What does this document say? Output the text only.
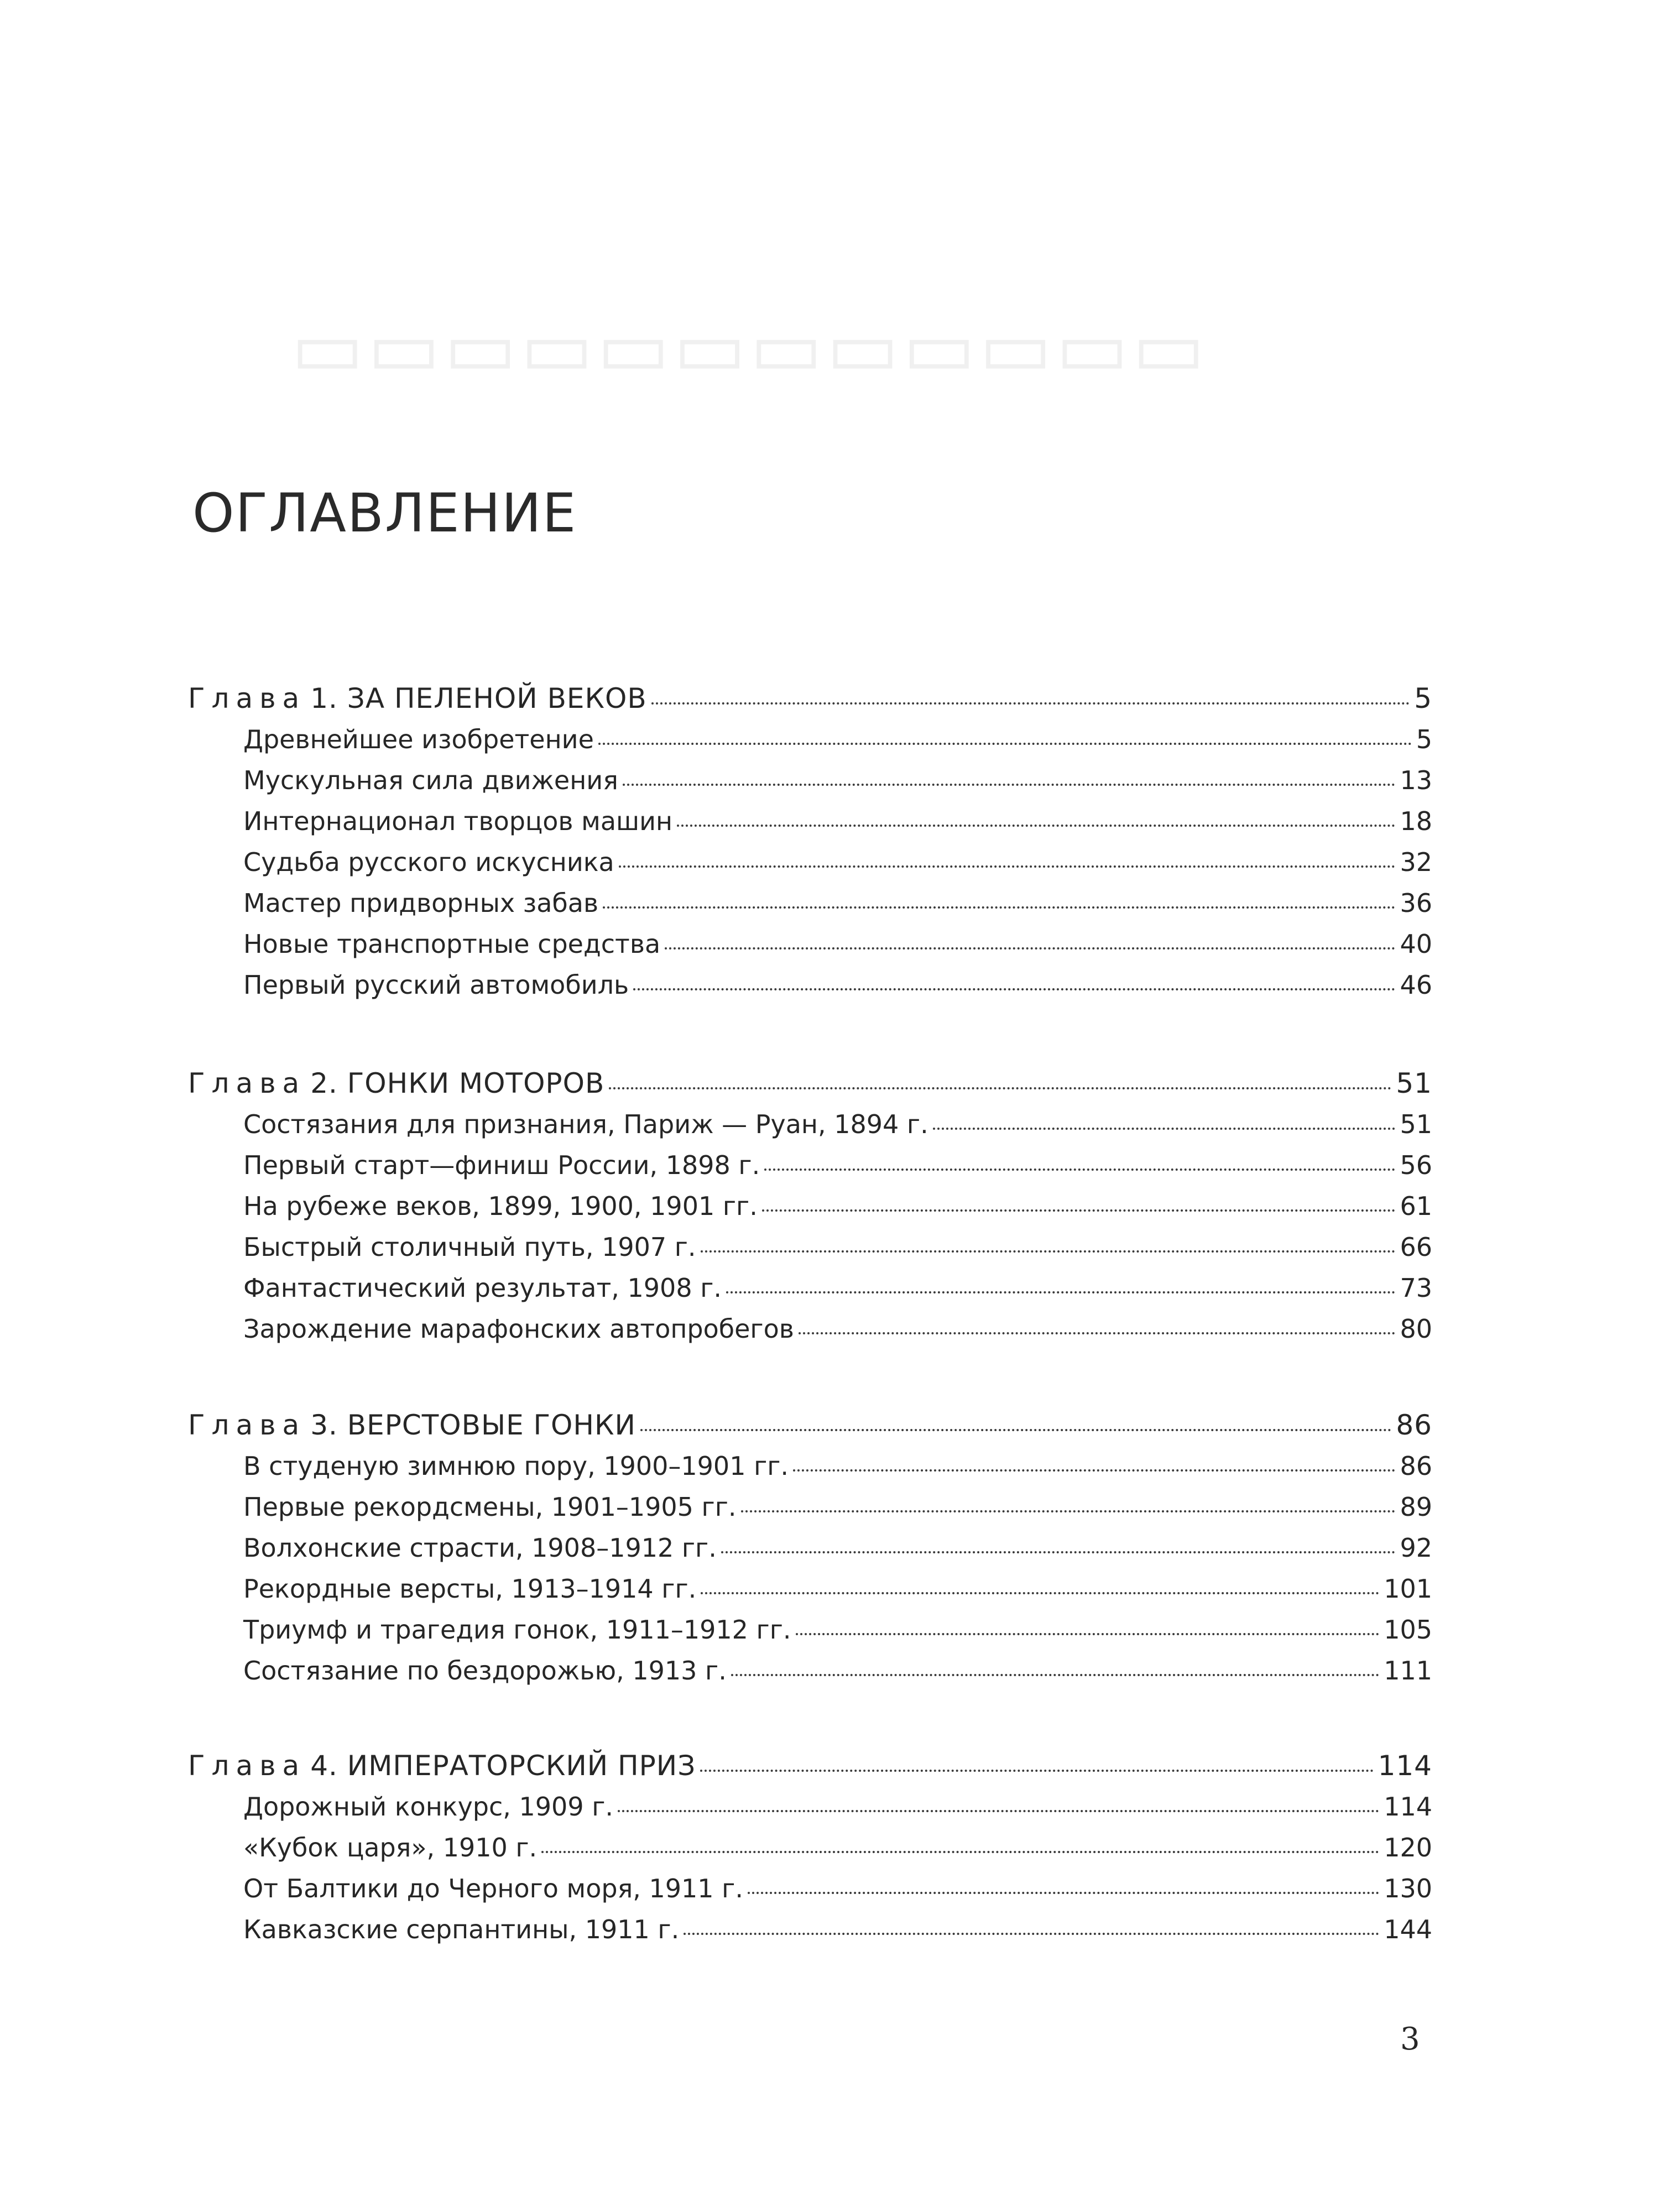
▭▭▭▭▭▭▭▭▭▭▭▭
ОГЛАВЛЕНИЕ
Глава 1. ЗА ПЕЛЕНОЙ ВЕКОВ	5
Древнейшее изобретение	5
Мускульная сила движения	13
Интернационал творцов машин	18
Судьба русского искусника	32
Мастер придворных забав	36
Новые транспортные средства	40
Первый русский автомобиль	46
Глава 2. ГОНКИ МОТОРОВ	51
Состязания для признания, Париж — Руан, 1894 г.	51
Первый старт—финиш России, 1898 г.	56
На рубеже веков, 1899, 1900, 1901 гг.	61
Быстрый столичный путь, 1907 г.	66
Фантастический результат, 1908 г.	73
Зарождение марафонских автопробегов	80
Глава 3. ВЕРСТОВЫЕ ГОНКИ	86
В студеную зимнюю пору, 1900–1901 гг.	86
Первые рекордсмены, 1901–1905 гг.	89
Волхонские страсти, 1908–1912 гг.	92
Рекордные версты, 1913–1914 гг.	101
Триумф и трагедия гонок, 1911–1912 гг.	105
Состязание по бездорожью, 1913 г.	111
Глава 4. ИМПЕРАТОРСКИЙ ПРИЗ	114
Дорожный конкурс, 1909 г.	114
«Кубок царя», 1910 г.	120
От Балтики до Черного моря, 1911 г.	130
Кавказские серпантины, 1911 г.	144
3
